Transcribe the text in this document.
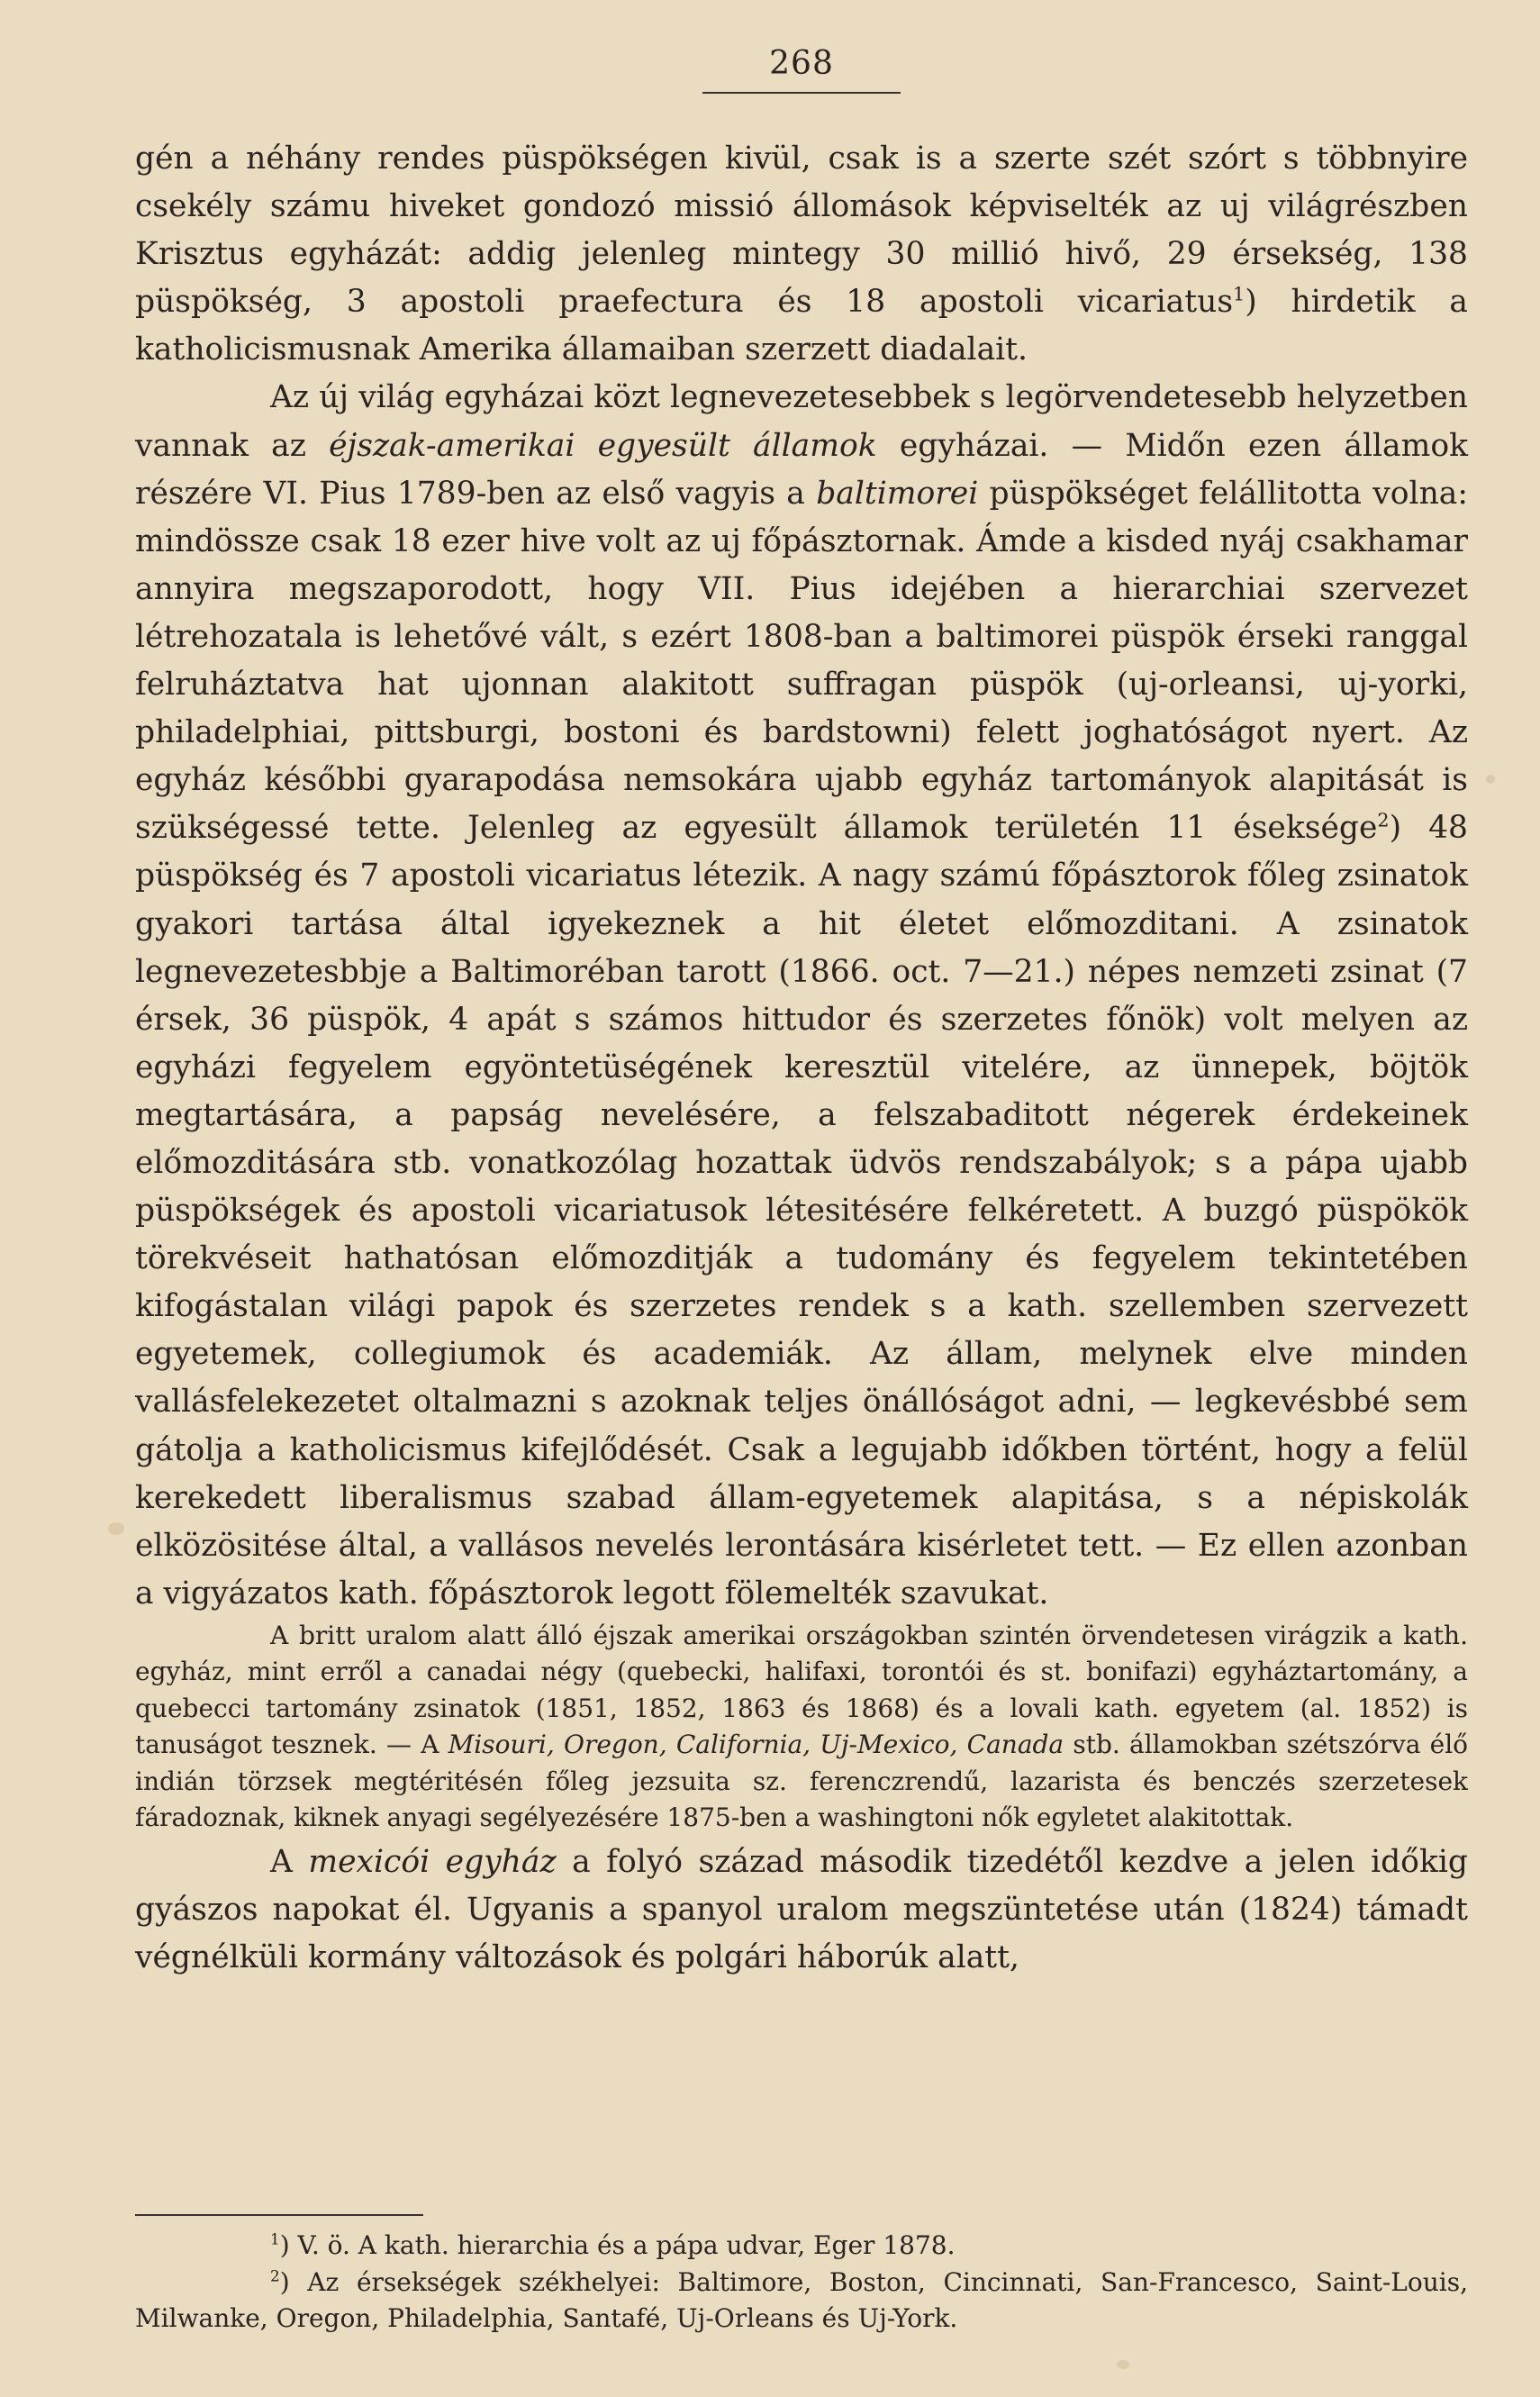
268

gén a néhány rendes püspökségen kivül, csak is a szerte szét szórt s többnyire csekély számu hiveket gondozó missió állomások képviselték az uj világrészben Krisztus egyházát: addig jelenleg mintegy 30 millió hivő, 29 érsekség, 138 püspökség, 3 apostoli praefectura és 18 apostoli vicariatus$^1$) hirdetik a katholicismusnak Amerika államaiban szerzett diadalait.

Az új világ egyházai közt legnevezetesebbek s legörvendetesebb helyzetben vannak az éjszak-amerikai egyesült államok egyházai. — Midőn ezen államok részére VI. Pius 1789-ben az első vagyis a baltimorei püspökséget felállitotta volna: mindössze csak 18 ezer hive volt az uj főpásztornak. Ámde a kisded nyáj csakhamar annyira megszaporodott, hogy VII. Pius idejében a hierarchiai szervezet létrehozatala is lehetővé vált, s ezért 1808-ban a baltimorei püspök érseki ranggal felruháztatva hat ujonnan alakitott suffragan püspök (uj-orleansi, uj-yorki, philadelphiai, pittsburgi, bostoni és bardstowni) felett joghatóságot nyert. Az egyház későbbi gyarapodása nemsokára ujabb egyház tartományok alapitását is szükségessé tette. Jelenleg az egyesült államok területén 11 éseksége$^2$) 48 püspökség és 7 apostoli vicariatus létezik. A nagy számú főpásztorok főleg zsinatok gyakori tartása által igyekeznek a hit életet előmozditani. A zsinatok legnevezetesbbje a Baltimoréban tarott (1866. oct. 7—21.) népes nemzeti zsinat (7 érsek, 36 püspök, 4 apát s számos hittudor és szerzetes főnök) volt melyen az egyházi fegyelem egyöntetüségének keresztül vitelére, az ünnepek, böjtök megtartására, a papság nevelésére, a felszabaditott négerek érdekeinek előmozditására stb. vonatkozólag hozattak üdvös rendszabályok; s a pápa ujabb püspökségek és apostoli vicariatusok létesitésére felkéretett. A buzgó püspökök törekvéseit hathatósan előmozditják a tudomány és fegyelem tekintetében kifogástalan világi papok és szerzetes rendek s a kath. szellemben szervezett egyetemek, collegiumok és academiák. Az állam, melynek elve minden vallásfelekezetet oltalmazni s azoknak teljes önállóságot adni, — legkevésbbé sem gátolja a katholicismus kifejlődését. Csak a legujabb időkben történt, hogy a felül kerekedett liberalismus szabad állam-egyetemek alapitása, s a népiskolák elközösitése által, a vallásos nevelés lerontására kisérletet tett. — Ez ellen azonban a vigyázatos kath. főpásztorok legott fölemelték szavukat.

A britt uralom alatt álló éjszak amerikai országokban szintén örvendetesen virágzik a kath. egyház, mint erről a canadai négy (quebecki, halifaxi, torontói és st. bonifazi) egyháztartomány, a quebecci tartomány zsinatok (1851, 1852, 1863 és 1868) és a lovali kath. egyetem (al. 1852) is tanuságot tesznek. — A Misouri, Oregon, California, Uj-Mexico, Canada stb. államokban szétszórva élő indián törzsek megtéritésén főleg jezsuita sz. ferenczrendű, lazarista és benczés szerzetesek fáradoznak, kiknek anyagi segélyezésére 1875-ben a washingtoni nők egyletet alakitottak.

A mexicói egyház a folyó század második tizedétől kezdve a jelen időkig gyászos napokat él. Ugyanis a spanyol uralom megszüntetése után (1824) támadt végnélküli kormány változások és polgári háborúk alatt,

$^1$) V. ö. A kath. hierarchia és a pápa udvar, Eger 1878.

$^2$) Az érsekségek székhelyei: Baltimore, Boston, Cincinnati, San-Francesco, Saint-Louis, Milwanke, Oregon, Philadelphia, Santafé, Uj-Orleans és Uj-York.
